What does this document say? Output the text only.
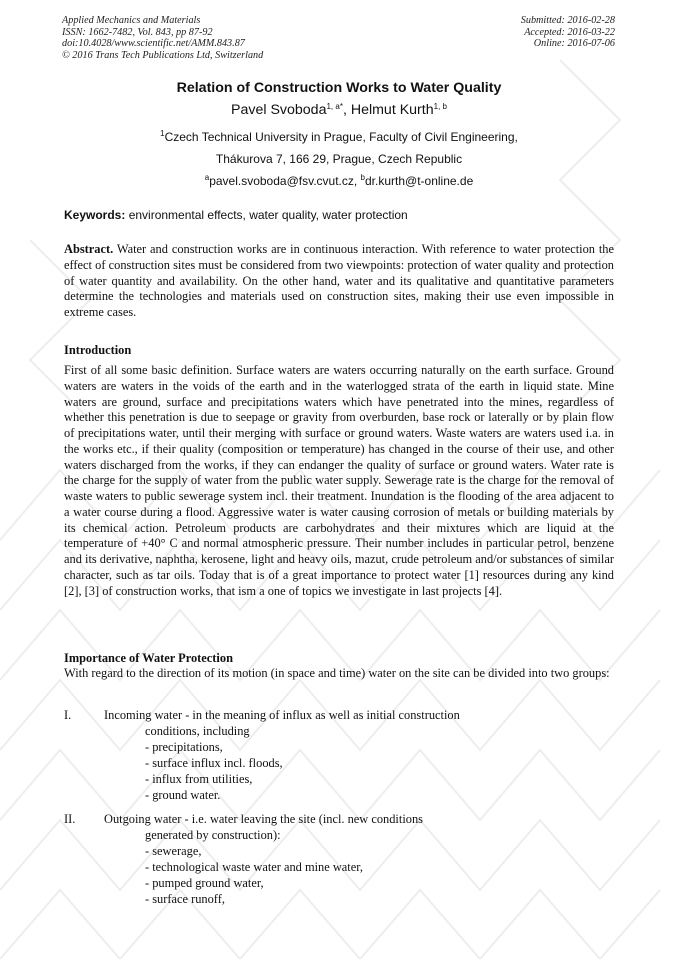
Applied Mechanics and Materials
ISSN: 1662-7482, Vol. 843, pp 87-92
doi:10.4028/www.scientific.net/AMM.843.87
© 2016 Trans Tech Publications Ltd, Switzerland
Submitted: 2016-02-28
Accepted: 2016-03-22
Online: 2016-07-06
Relation of Construction Works to Water Quality
Pavel Svoboda$^{1, a*}$, Helmut Kurth$^{1, b}$
$^1$Czech Technical University in Prague, Faculty of Civil Engineering,
Thákurova 7, 166 29, Prague, Czech Republic
$^a$pavel.svoboda@fsv.cvut.cz, $^b$dr.kurth@t-online.de
Keywords: environmental effects, water quality, water protection
Abstract. Water and construction works are in continuous interaction. With reference to water protection the effect of construction sites must be considered from two viewpoints: protection of water quality and protection of water quantity and availability. On the other hand, water and its qualitative and quantitative parameters determine the technologies and materials used on construction sites, making their use even impossible in extreme cases.
Introduction
First of all some basic definition. Surface waters are waters occurring naturally on the earth surface. Ground waters are waters in the voids of the earth and in the waterlogged strata of the earth in liquid state. Mine waters are ground, surface and precipitations waters which have penetrated into the mines, regardless of whether this penetration is due to seepage or gravity from overburden, base rock or laterally or by plain flow of precipitations water, until their merging with surface or ground waters. Waste waters are waters used i.a. in the works etc., if their quality (composition or temperature) has changed in the course of their use, and other waters discharged from the works, if they can endanger the quality of surface or ground waters. Water rate is the charge for the supply of water from the public water supply. Sewerage rate is the charge for the removal of waste waters to public sewerage system incl. their treatment. Inundation is the flooding of the area adjacent to a water course during a flood. Aggressive water is water causing corrosion of metals or building materials by its chemical action. Petroleum products are carbohydrates and their mixtures which are liquid at the temperature of +40° C and normal atmospheric pressure. Their number includes in particular petrol, benzene and its derivative, naphtha, kerosene, light and heavy oils, mazut, crude petroleum and/or substances of similar character, such as tar oils. Today that is of a great importance to protect water [1] resources during any kind [2], [3] of construction works, that ism a one of topics we investigate in last projects [4].
Importance of Water Protection
With regard to the direction of its motion (in space and time) water on the site can be divided into two groups:
I.	Incoming water - in the meaning of influx as well as initial construction
conditions, including
- precipitations,
- surface influx incl. floods,
- influx from utilities,
- ground water.
II. Outgoing water - i.e. water leaving the site (incl. new conditions
generated by construction):
- sewerage,
- technological waste water and mine water,
- pumped ground water,
- surface runoff,
